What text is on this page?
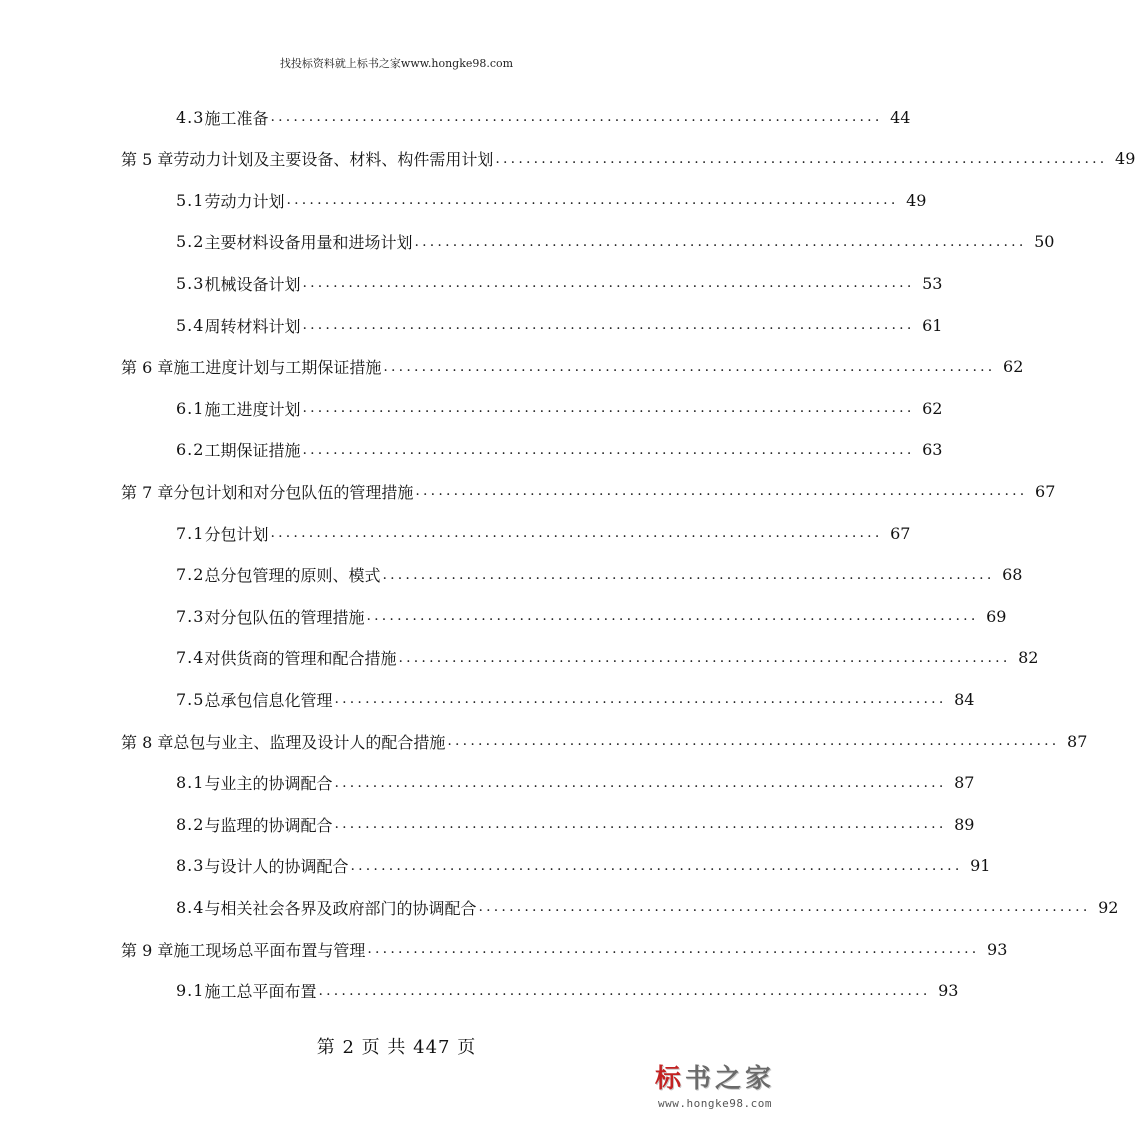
找投标资料就上标书之家www.hongke98.com
4.3 施工准备 ................................................................................ 44
第 5 章 劳动力计划及主要设备、材料、构件需用计划 ................................................................................ 49
5.1 劳动力计划 ................................................................................ 49
5.2 主要材料设备用量和进场计划 ................................................................................ 50
5.3 机械设备计划 ................................................................................ 53
5.4 周转材料计划 ................................................................................ 61
第 6 章 施工进度计划与工期保证措施 ................................................................................ 62
6.1 施工进度计划 ................................................................................ 62
6.2 工期保证措施 ................................................................................ 63
第 7 章 分包计划和对分包队伍的管理措施 ................................................................................ 67
7.1 分包计划 ................................................................................ 67
7.2 总分包管理的原则、模式 ................................................................................ 68
7.3 对分包队伍的管理措施 ................................................................................ 69
7.4 对供货商的管理和配合措施 ................................................................................ 82
7.5 总承包信息化管理 ................................................................................ 84
第 8 章 总包与业主、监理及设计人的配合措施 ................................................................................ 87
8.1 与业主的协调配合 ................................................................................ 87
8.2 与监理的协调配合 ................................................................................ 89
8.3 与设计人的协调配合 ................................................................................ 91
8.4 与相关社会各界及政府部门的协调配合 ................................................................................ 92
第 9 章 施工现场总平面布置与管理 ................................................................................ 93
9.1 施工总平面布置 ................................................................................ 93
第 2 页 共 447 页
标书之家
www.hongke98.com
